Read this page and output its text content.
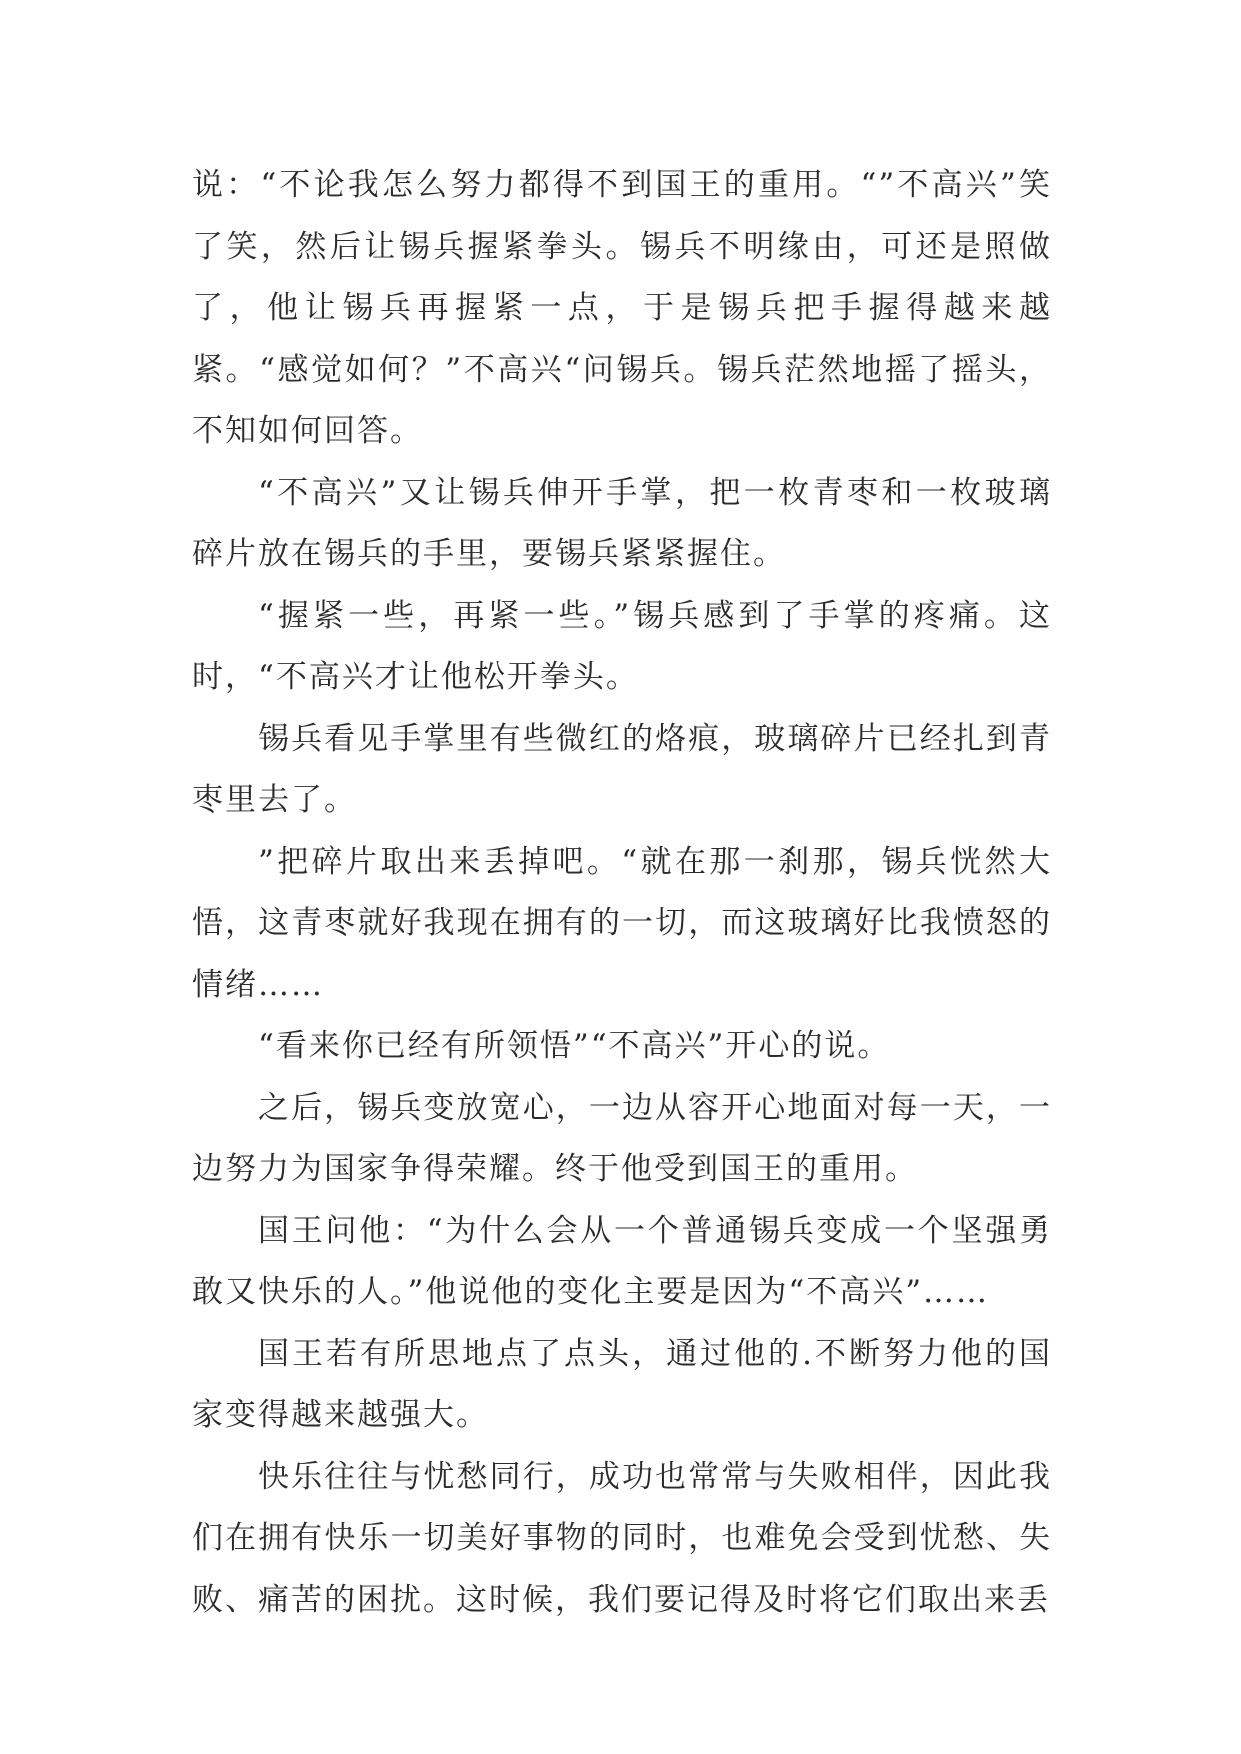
说：“不论我怎么努力都得不到国王的重用。“”不高兴”笑了笑，然后让锡兵握紧拳头。锡兵不明缘由，可还是照做了，他让锡兵再握紧一点，于是锡兵把手握得越来越紧。“感觉如何？”不高兴“问锡兵。锡兵茫然地摇了摇头，不知如何回答。

“不高兴”又让锡兵伸开手掌，把一枚青枣和一枚玻璃碎片放在锡兵的手里，要锡兵紧紧握住。

“握紧一些，再紧一些。”锡兵感到了手掌的疼痛。这时，“不高兴才让他松开拳头。

锡兵看见手掌里有些微红的烙痕，玻璃碎片已经扎到青枣里去了。

”把碎片取出来丢掉吧。“就在那一刹那，锡兵恍然大悟，这青枣就好我现在拥有的一切，而这玻璃好比我愤怒的情绪……

“看来你已经有所领悟”“不高兴”开心的说。

之后，锡兵变放宽心，一边从容开心地面对每一天，一边努力为国家争得荣耀。终于他受到国王的重用。

国王问他：“为什么会从一个普通锡兵变成一个坚强勇敢又快乐的人。”他说他的变化主要是因为“不高兴”……

国王若有所思地点了点头，通过他的.不断努力他的国家变得越来越强大。

快乐往往与忧愁同行，成功也常常与失败相伴，因此我们在拥有快乐一切美好事物的同时，也难免会受到忧愁、失败、痛苦的困扰。这时候，我们要记得及时将它们取出来丢
